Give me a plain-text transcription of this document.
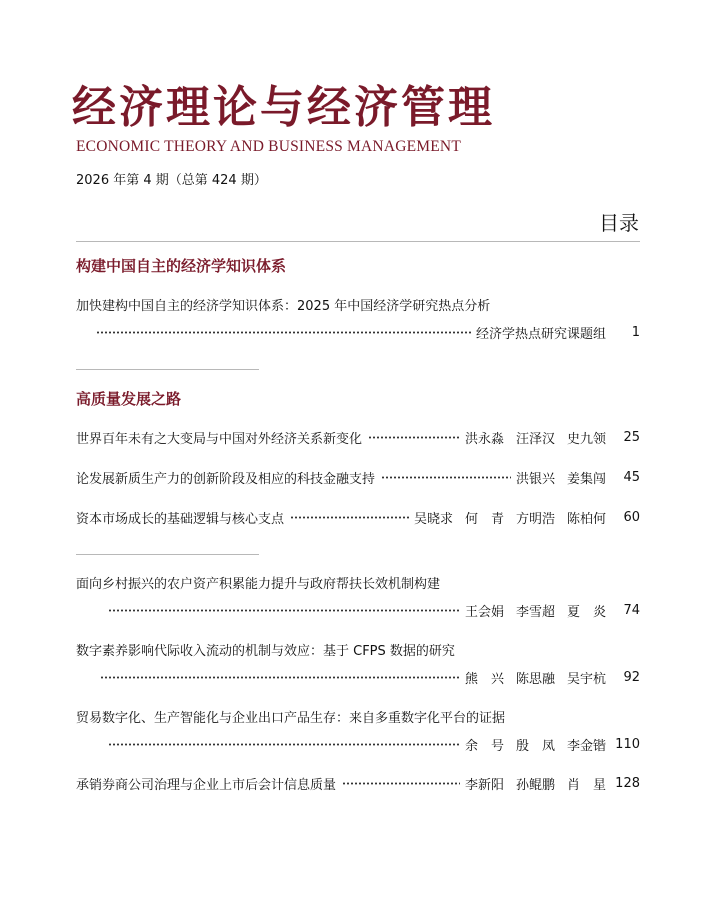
经济理论与经济管理
ECONOMIC THEORY AND BUSINESS MANAGEMENT
2026 年第 4 期（总第 424 期）
目录
构建中国自主的经济学知识体系
加快建构中国自主的经济学知识体系：2025 年中国经济学研究热点分析
经济学热点研究课题组	1
高质量发展之路
世界百年未有之大变局与中国对外经济关系新变化	洪永淼 汪泽汉 史九领	25
论发展新质生产力的创新阶段及相应的科技金融支持	洪银兴 姜集闯	45
资本市场成长的基础逻辑与核心支点	吴晓求 何　青 方明浩 陈柏何	60
面向乡村振兴的农户资产积累能力提升与政府帮扶长效机制构建
王会娟 李雪超 夏　炎	74
数字素养影响代际收入流动的机制与效应：基于 CFPS 数据的研究
熊　兴 陈思融 吴宇杭	92
贸易数字化、生产智能化与企业出口产品生存：来自多重数字化平台的证据
余　号 殷　凤 李金锴 110
承销券商公司治理与企业上市后会计信息质量	李新阳 孙鲲鹏 肖　星 128
